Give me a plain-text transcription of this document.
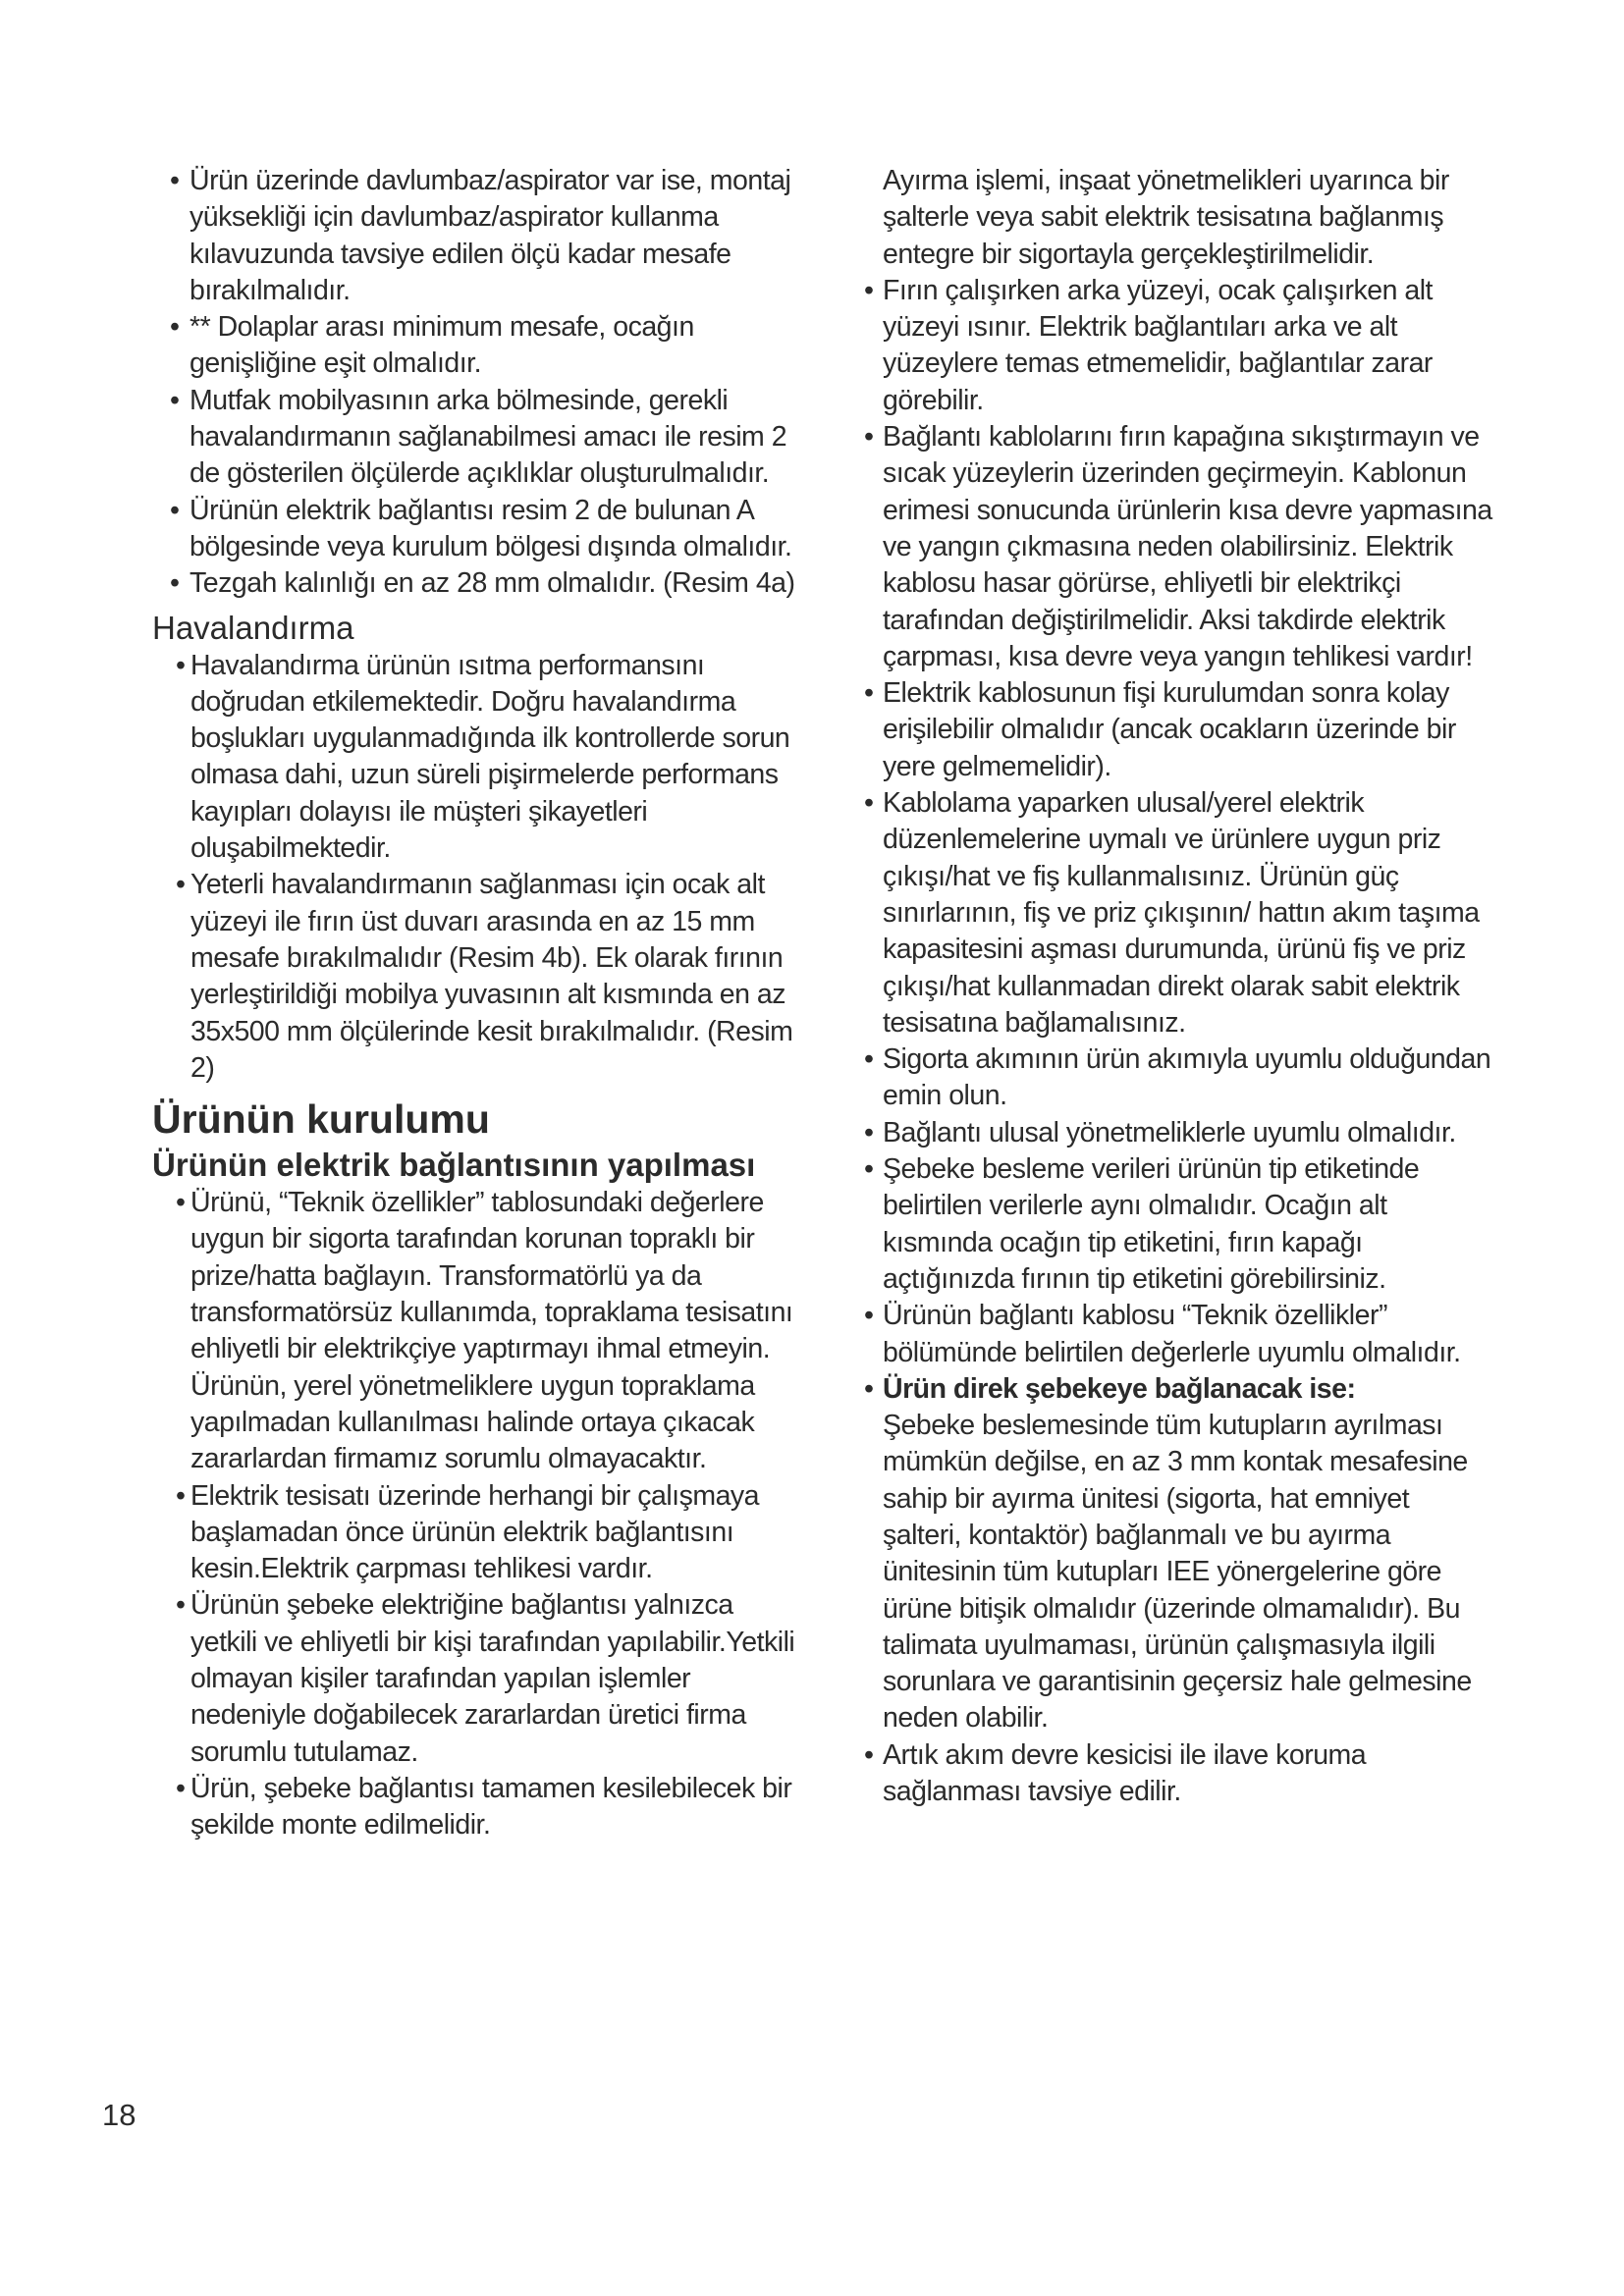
• Ürün üzerinde davlumbaz/aspirator var ise, montaj yüksekliği için davlumbaz/aspirator kullanma kılavuzunda tavsiye edilen ölçü kadar mesafe bırakılmalıdır.
• ** Dolaplar arası minimum mesafe, ocağın genişliğine eşit olmalıdır.
• Mutfak mobilyasının arka bölmesinde, gerekli havalandırmanın sağlanabilmesi amacı ile resim 2 de gösterilen ölçülerde açıklıklar oluşturulmalıdır.
• Ürünün elektrik bağlantısı resim 2 de bulunan A bölgesinde veya kurulum bölgesi dışında olmalıdır.
• Tezgah kalınlığı en az 28 mm olmalıdır. (Resim 4a)
Havalandırma
• Havalandırma ürünün ısıtma performansını doğrudan etkilemektedir. Doğru havalandırma boşlukları uygulanmadığında ilk kontrollerde sorun olmasa dahi, uzun süreli pişirmelerde performans kayıpları dolayısı ile müşteri şikayetleri oluşabilmektedir.
• Yeterli havalandırmanın sağlanması için ocak alt yüzeyi ile fırın üst duvarı arasında en az 15 mm mesafe bırakılmalıdır (Resim 4b). Ek olarak fırının yerleştirildiği mobilya yuvasının alt kısmında en az 35x500 mm ölçülerinde kesit bırakılmalıdır. (Resim 2)
Ürünün kurulumu
Ürünün elektrik bağlantısının yapılması
• Ürünü, “Teknik özellikler” tablosundaki değerlere uygun bir sigorta tarafından korunan topraklı bir prize/hatta bağlayın. Transformatörlü ya da transformatörsüz kullanımda, topraklama tesisatını ehliyetli bir elektrikçiye yaptırmayı ihmal etmeyin. Ürünün, yerel yönetmeliklere uygun topraklama yapılmadan kullanılması halinde ortaya çıkacak zararlardan firmamız sorumlu olmayacaktır.
• Elektrik tesisatı üzerinde herhangi bir çalışmaya başlamadan önce ürünün elektrik bağlantısını kesin.Elektrik çarpması tehlikesi vardır.
• Ürünün şebeke elektriğine bağlantısı yalnızca yetkili ve ehliyetli bir kişi tarafından yapılabilir.Yetkili olmayan kişiler tarafından yapılan işlemler nedeniyle doğabilecek zararlardan üretici firma sorumlu tutulamaz.
• Ürün, şebeke bağlantısı tamamen kesilebilecek bir şekilde monte edilmelidir.

Ayırma işlemi, inşaat yönetmelikleri uyarınca bir şalterle veya sabit elektrik tesisatına bağlanmış entegre bir sigortayla gerçekleştirilmelidir.

• Fırın çalışırken arka yüzeyi, ocak çalışırken alt yüzeyi ısınır. Elektrik bağlantıları arka ve alt yüzeylere temas etmemelidir, bağlantılar zarar görebilir.
• Bağlantı kablolarını fırın kapağına sıkıştırmayın ve sıcak yüzeylerin üzerinden geçirmeyin. Kablonun erimesi sonucunda ürünlerin kısa devre yapmasına ve yangın çıkmasına neden olabilirsiniz. Elektrik kablosu hasar görürse, ehliyetli bir elektrikçi tarafından değiştirilmelidir. Aksi takdirde elektrik çarpması, kısa devre veya yangın tehlikesi vardır!
• Elektrik kablosunun fişi kurulumdan sonra kolay erişilebilir olmalıdır (ancak ocakların üzerinde bir yere gelmemelidir).
• Kablolama yaparken ulusal/yerel elektrik düzenlemelerine uymalı ve ürünlere uygun priz çıkışı/hat ve fiş kullanmalısınız. Ürünün güç sınırlarının, fiş ve priz çıkışının/ hattın akım taşıma kapasitesini aşması durumunda, ürünü fiş ve priz çıkışı/hat kullanmadan direkt olarak sabit elektrik tesisatına bağlamalısınız.
• Sigorta akımının ürün akımıyla uyumlu olduğundan emin olun.
• Bağlantı ulusal yönetmeliklerle uyumlu olmalıdır.
• Şebeke besleme verileri ürünün tip etiketinde belirtilen verilerle aynı olmalıdır. Ocağın alt kısmında ocağın tip etiketini, fırın kapağı açtığınızda fırının tip etiketini görebilirsiniz.
• Ürünün bağlantı kablosu “Teknik özellikler” bölümünde belirtilen değerlerle uyumlu olmalıdır.
• Ürün direk şebekeye bağlanacak ise:
Şebeke beslemesinde tüm kutupların ayrılması mümkün değilse, en az 3 mm kontak mesafesine sahip bir ayırma ünitesi (sigorta, hat emniyet şalteri, kontaktör) bağlanmalı ve bu ayırma ünitesinin tüm kutupları IEE yönergelerine göre ürüne bitişik olmalıdır (üzerinde olmamalıdır). Bu talimata uyulmaması, ürünün çalışmasıyla ilgili sorunlara ve garantisinin geçersiz hale gelmesine neden olabilir.
• Artık akım devre kesicisi ile ilave koruma sağlanması tavsiye edilir.
18
